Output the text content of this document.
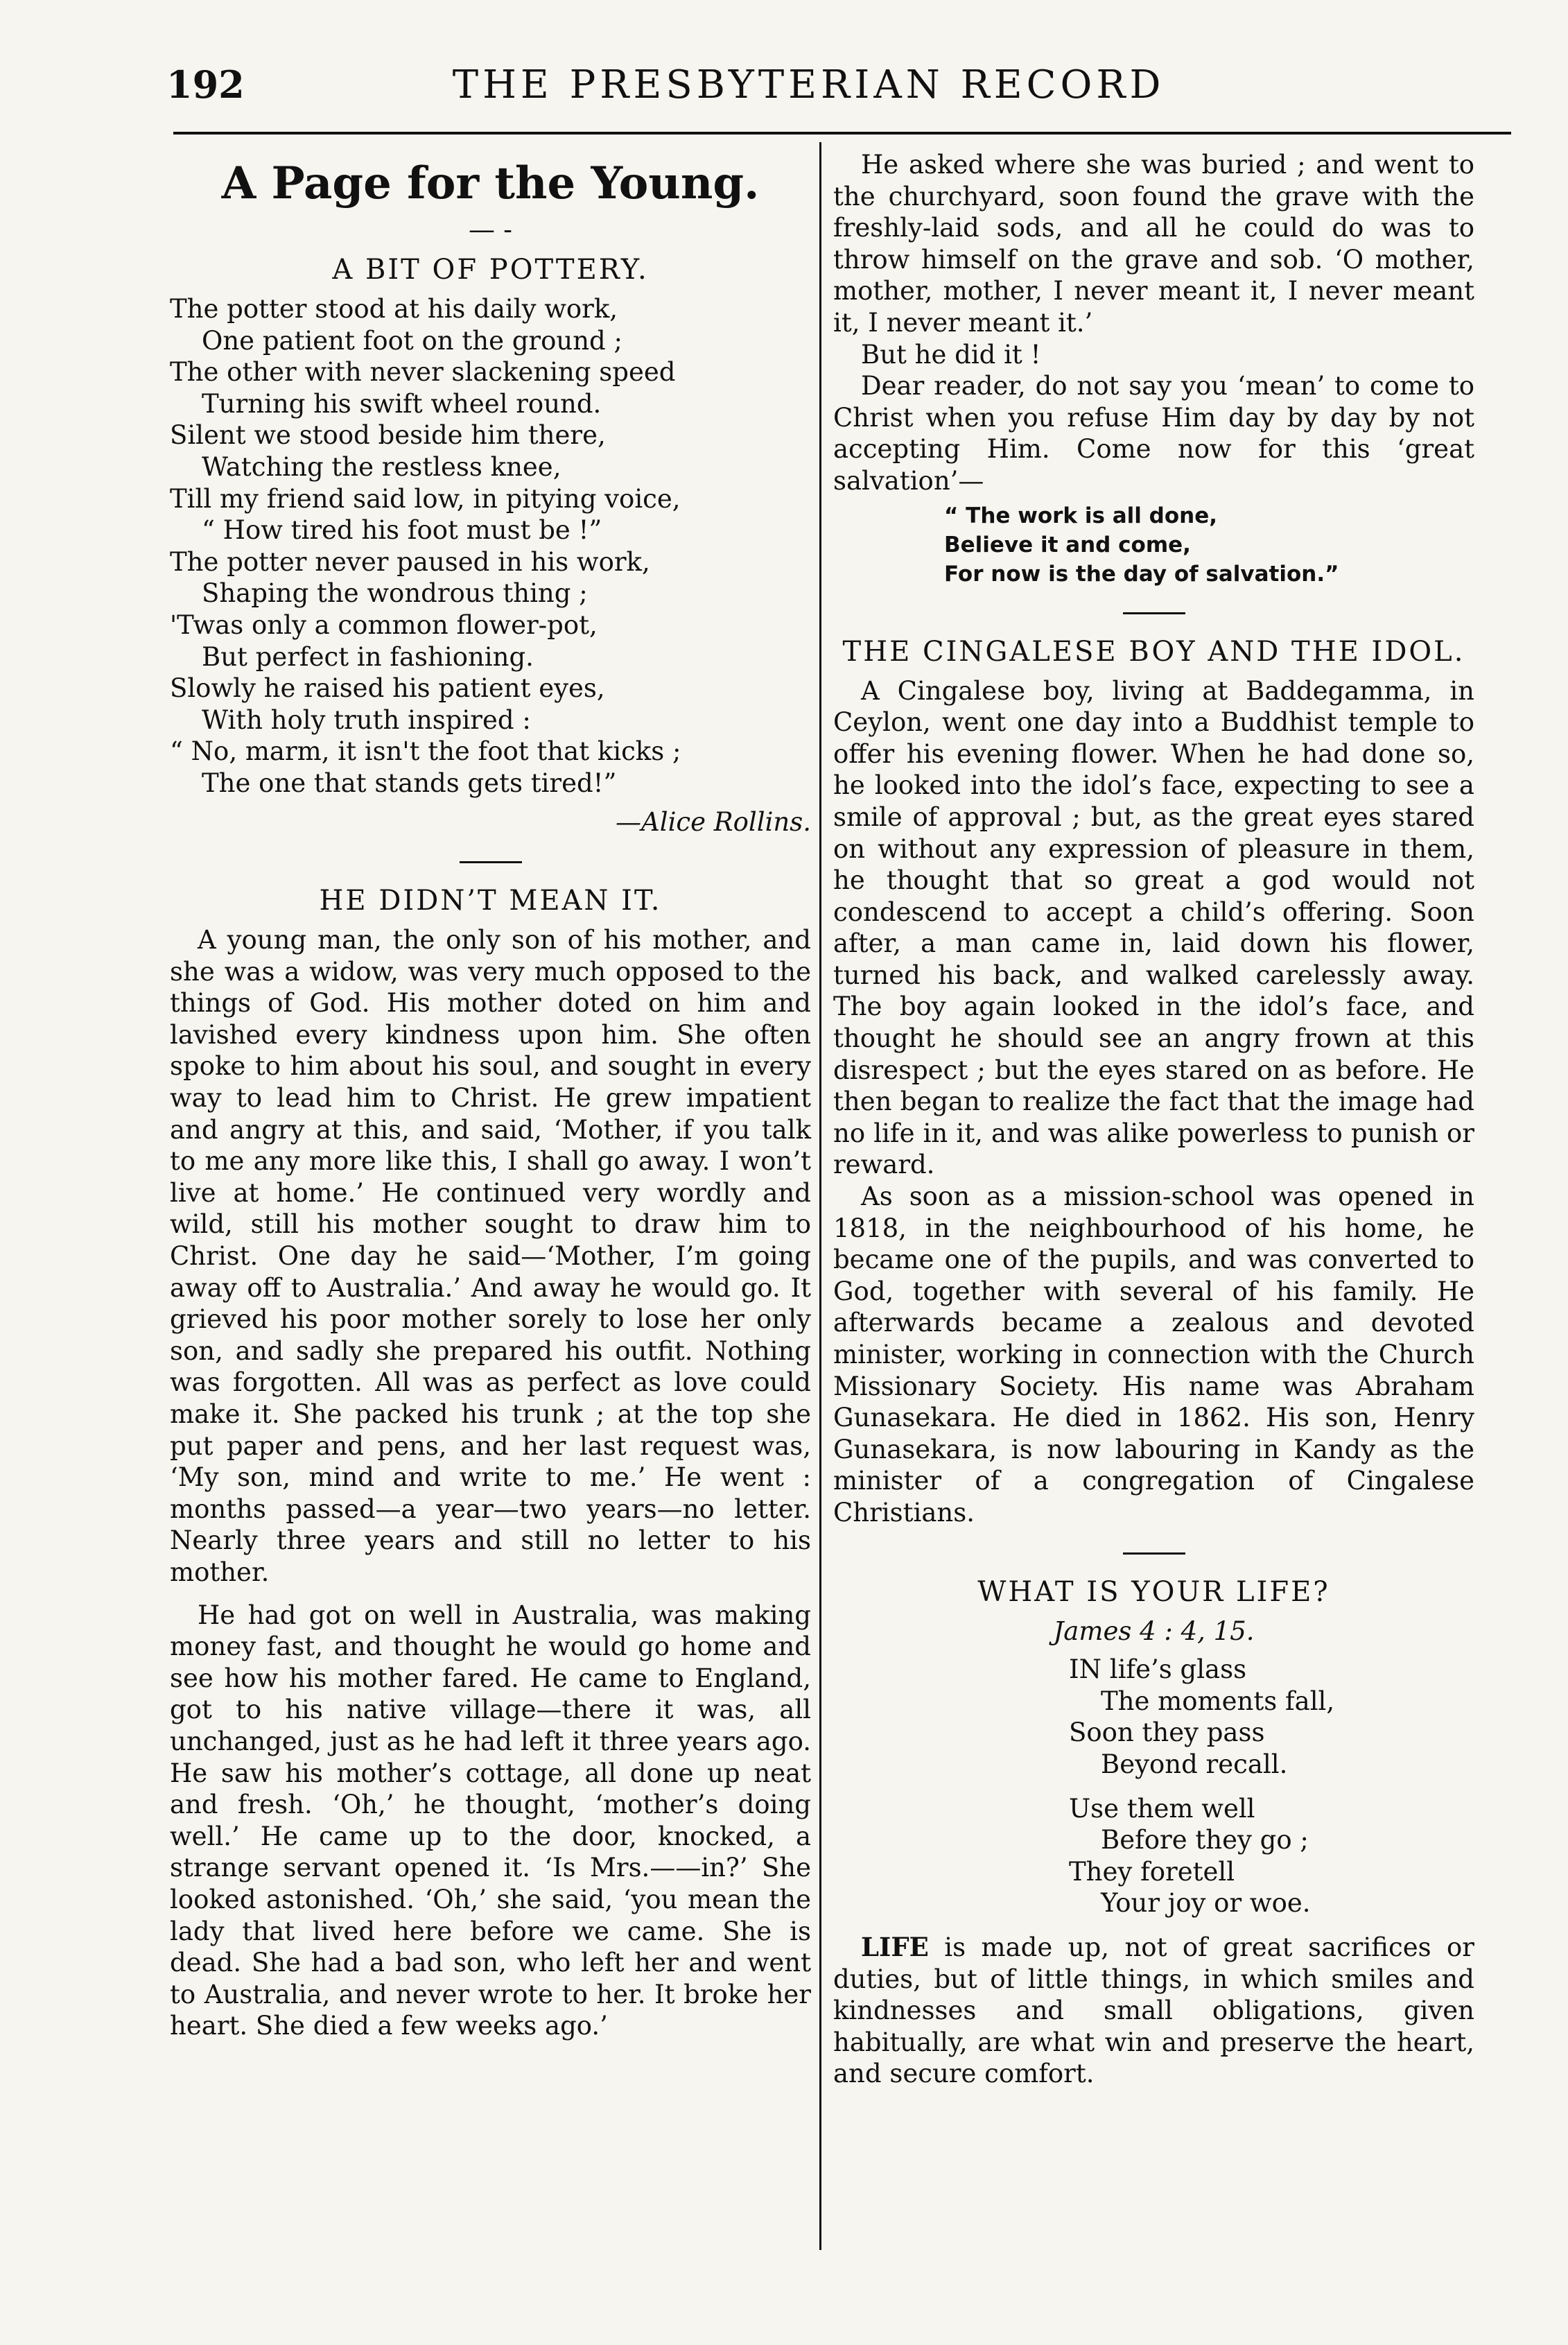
192	THE PRESBYTERIAN RECORD
A Page for the Young.
— -
A BIT OF POTTERY.
The potter stood at his daily work,
One patient foot on the ground ;
The other with never slackening speed
Turning his swift wheel round.
Silent we stood beside him there,
Watching the restless knee,
Till my friend said low, in pitying voice,
“ How tired his foot must be !”
The potter never paused in his work,
Shaping the wondrous thing ;
'Twas only a common flower-pot,
But perfect in fashioning.
Slowly he raised his patient eyes,
With holy truth inspired :
“ No, marm, it isn't the foot that kicks ;
The one that stands gets tired!”
—Alice Rollins.
HE DIDN’T MEAN IT.

A young man, the only son of his mother, and she was a widow, was very much opposed to the things of God. His mother doted on him and lavished every kindness upon him. She often spoke to him about his soul, and sought in every way to lead him to Christ. He grew impatient and angry at this, and said, ‘Mother, if you talk to me any more like this, I shall go away. I won’t live at home.’ He continued very wordly and wild, still his mother sought to draw him to Christ. One day he said—‘Mother, I’m going away off to Australia.’ And away he would go. It grieved his poor mother sorely to lose her only son, and sadly she prepared his outfit. Nothing was forgotten. All was as perfect as love could make it. She packed his trunk ; at the top she put paper and pens, and her last request was, ‘My son, mind and write to me.’ He went : months passed—a year—two years—no letter. Nearly three years and still no letter to his mother.

He had got on well in Australia, was making money fast, and thought he would go home and see how his mother fared. He came to England, got to his native village—there it was, all unchanged, just as he had left it three years ago. He saw his mother’s cottage, all done up neat and fresh. ‘Oh,’ he thought, ‘mother’s doing well.’ He came up to the door, knocked, a strange servant opened it. ‘Is Mrs.——in?’ She looked astonished. ‘Oh,’ she said, ‘you mean the lady that lived here before we came. She is dead. She had a bad son, who left her and went to Australia, and never wrote to her. It broke her heart. She died a few weeks ago.’

He asked where she was buried ; and went to the churchyard, soon found the grave with the freshly-laid sods, and all he could do was to throw himself on the grave and sob. ‘O mother, mother, mother, I never meant it, I never meant it, I never meant it.’

But he did it !

Dear reader, do not say you ‘mean’ to come to Christ when you refuse Him day by day by not accepting Him. Come now for this ‘great salvation’—

“ The work is all done,
Believe it and come,
For now is the day of salvation.”
THE CINGALESE BOY AND THE IDOL.

A Cingalese boy, living at Baddegamma, in Ceylon, went one day into a Buddhist temple to offer his evening flower. When he had done so, he looked into the idol’s face, expecting to see a smile of approval ; but, as the great eyes stared on without any expression of pleasure in them, he thought that so great a god would not condescend to accept a child’s offering. Soon after, a man came in, laid down his flower, turned his back, and walked carelessly away. The boy again looked in the idol’s face, and thought he should see an angry frown at this disrespect ; but the eyes stared on as before. He then began to realize the fact that the image had no life in it, and was alike powerless to punish or reward.

As soon as a mission-school was opened in 1818, in the neighbourhood of his home, he became one of the pupils, and was converted to God, together with several of his family. He afterwards became a zealous and devoted minister, working in connection with the Church Missionary Society. His name was Abraham Gunasekara. He died in 1862. His son, Henry Gunasekara, is now labouring in Kandy as the minister of a congregation of Cingalese Christians.

WHAT IS YOUR LIFE?
James 4 : 4, 15.
IN life’s glass
The moments fall,
Soon they pass
Beyond recall.
Use them well
Before they go ;
They foretell
Your joy or woe.

LIFE is made up, not of great sacrifices or duties, but of little things, in which smiles and kindnesses and small obligations, given habitually, are what win and preserve the heart, and secure comfort.
